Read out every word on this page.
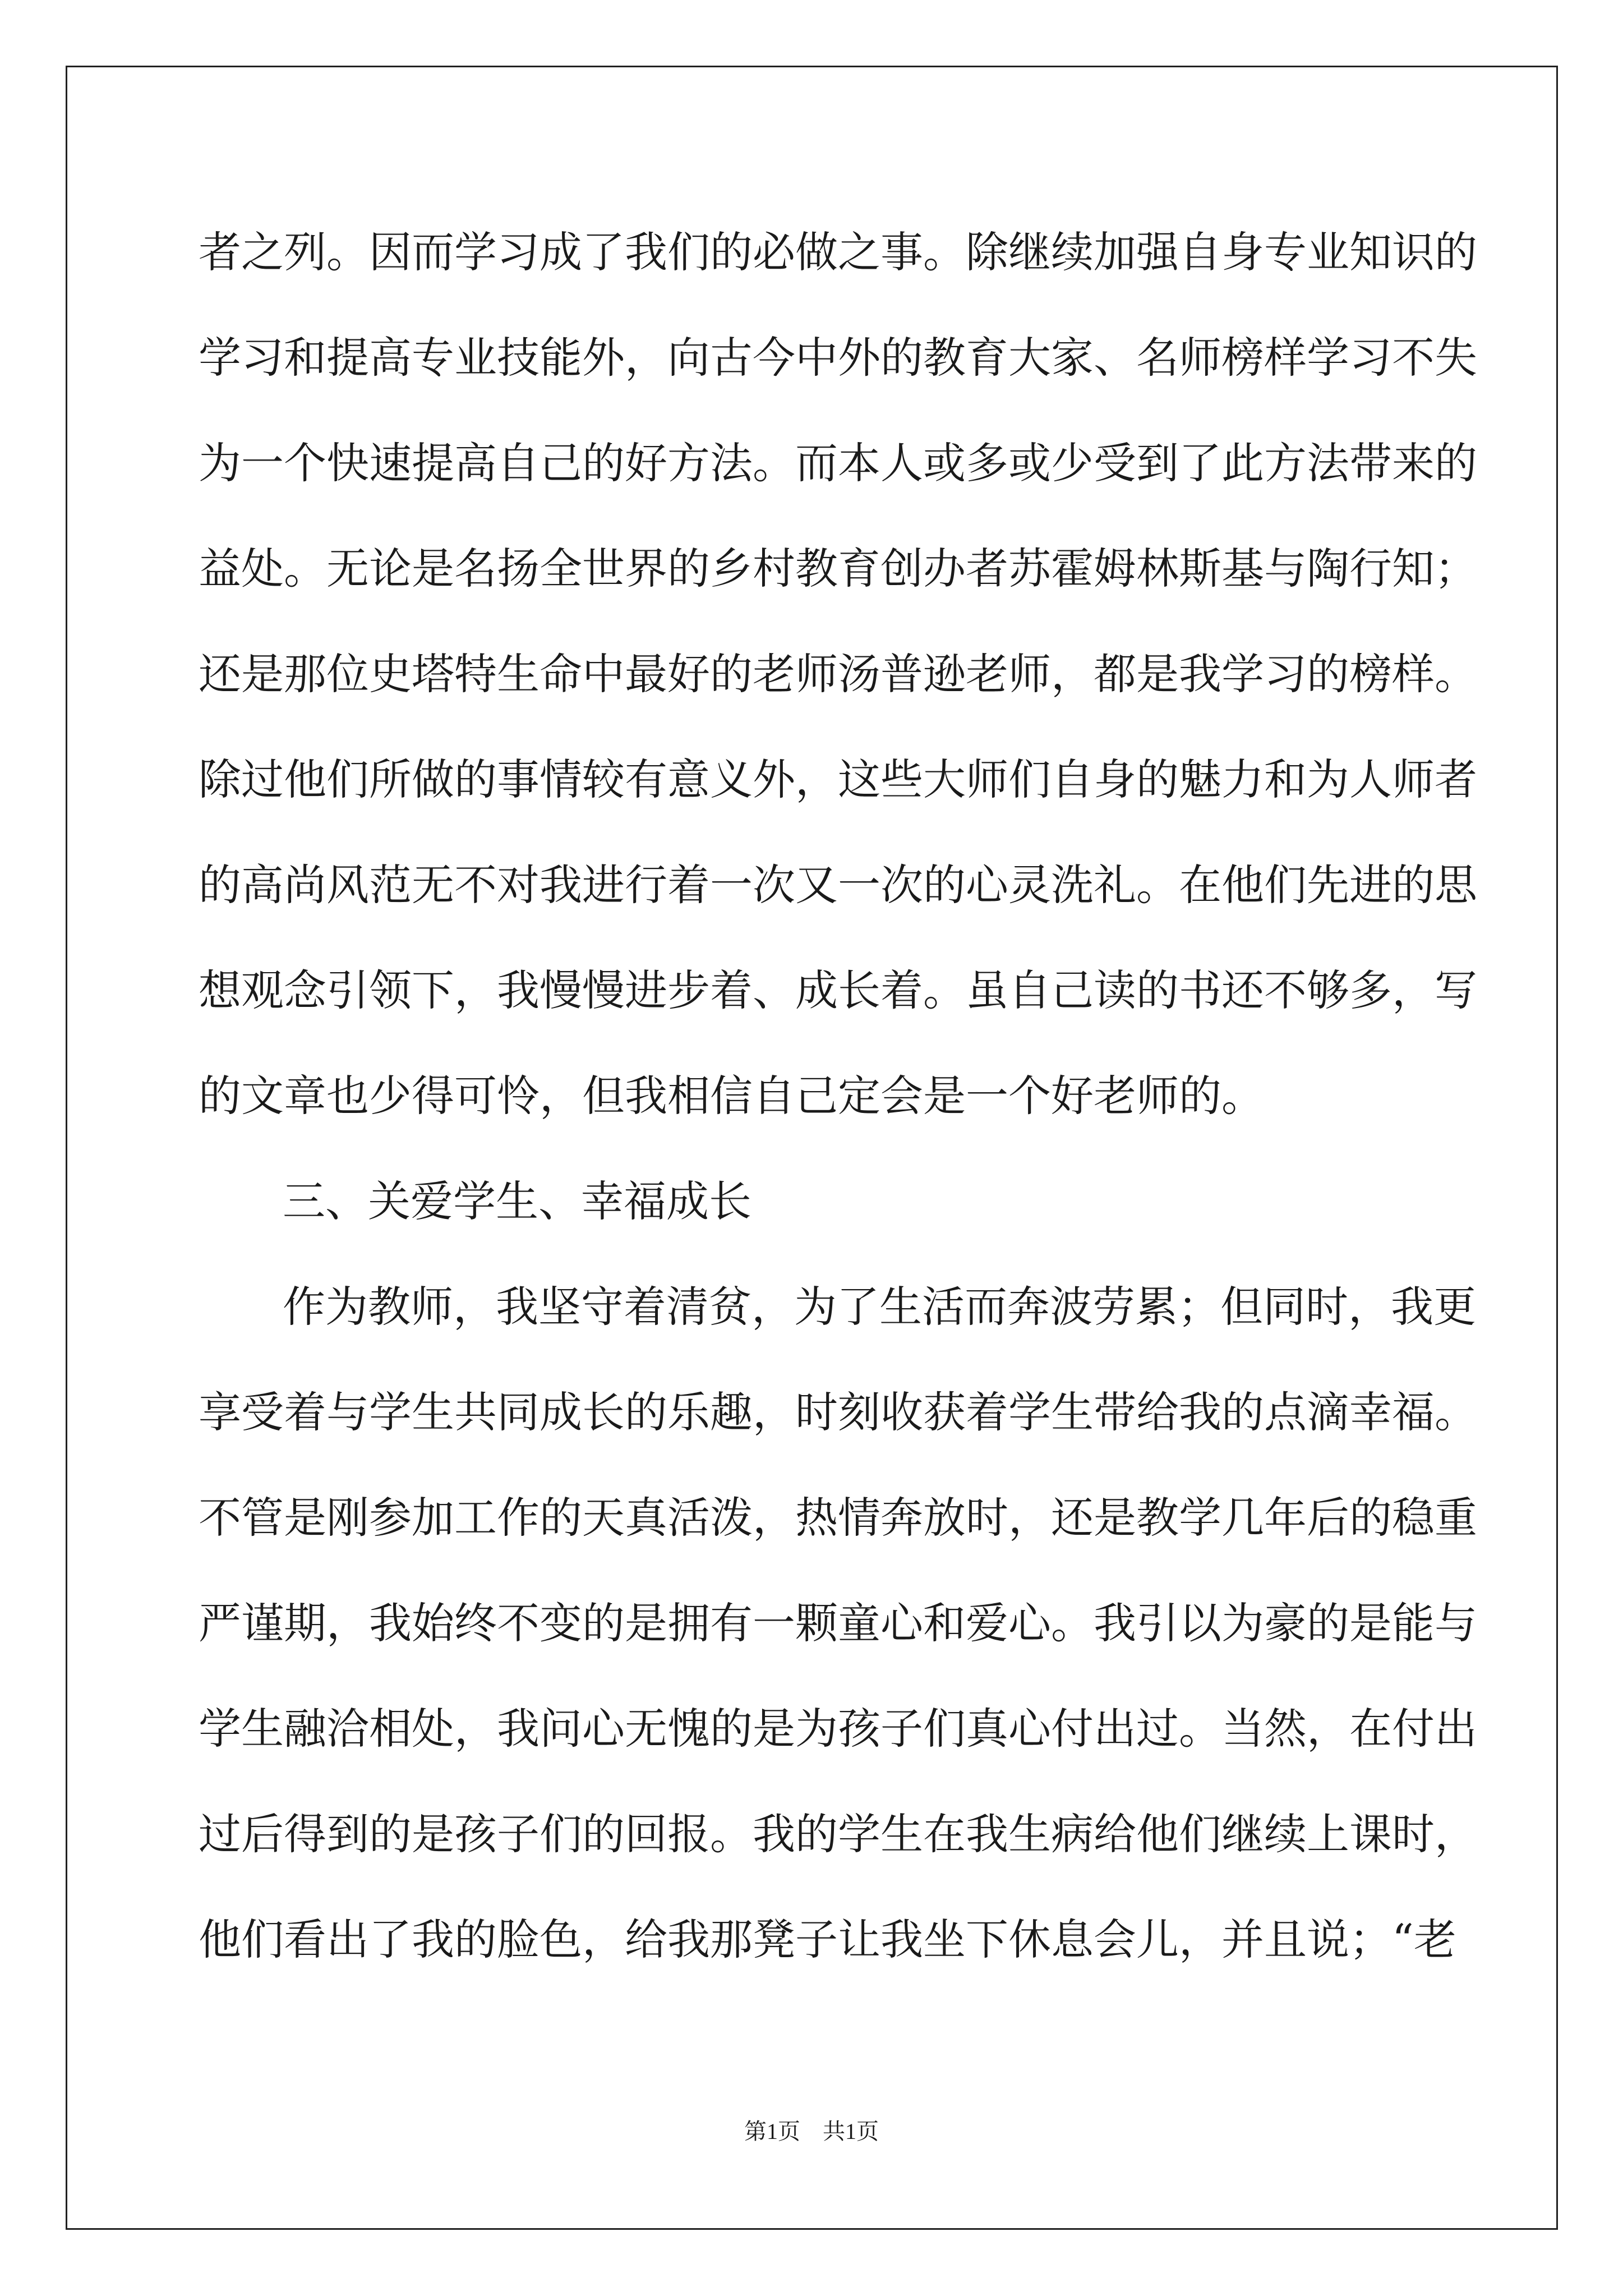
者之列。因而学习成了我们的必做之事。除继续加强自身专业知识的
学习和提高专业技能外，向古今中外的教育大家、名师榜样学习不失
为一个快速提高自己的好方法。而本人或多或少受到了此方法带来的
益处。无论是名扬全世界的乡村教育创办者苏霍姆林斯基与陶行知；
还是那位史塔特生命中最好的老师汤普逊老师，都是我学习的榜样。
除过他们所做的事情较有意义外，这些大师们自身的魅力和为人师者
的高尚风范无不对我进行着一次又一次的心灵洗礼。在他们先进的思
想观念引领下，我慢慢进步着、成长着。虽自己读的书还不够多，写
的文章也少得可怜，但我相信自己定会是一个好老师的。
三、关爱学生、幸福成长
作为教师，我坚守着清贫，为了生活而奔波劳累；但同时，我更
享受着与学生共同成长的乐趣，时刻收获着学生带给我的点滴幸福。
不管是刚参加工作的天真活泼，热情奔放时，还是教学几年后的稳重
严谨期，我始终不变的是拥有一颗童心和爱心。我引以为豪的是能与
学生融洽相处，我问心无愧的是为孩子们真心付出过。当然，在付出
过后得到的是孩子们的回报。我的学生在我生病给他们继续上课时，
他们看出了我的脸色，给我那凳子让我坐下休息会儿，并且说；“老
第1页　共1页
